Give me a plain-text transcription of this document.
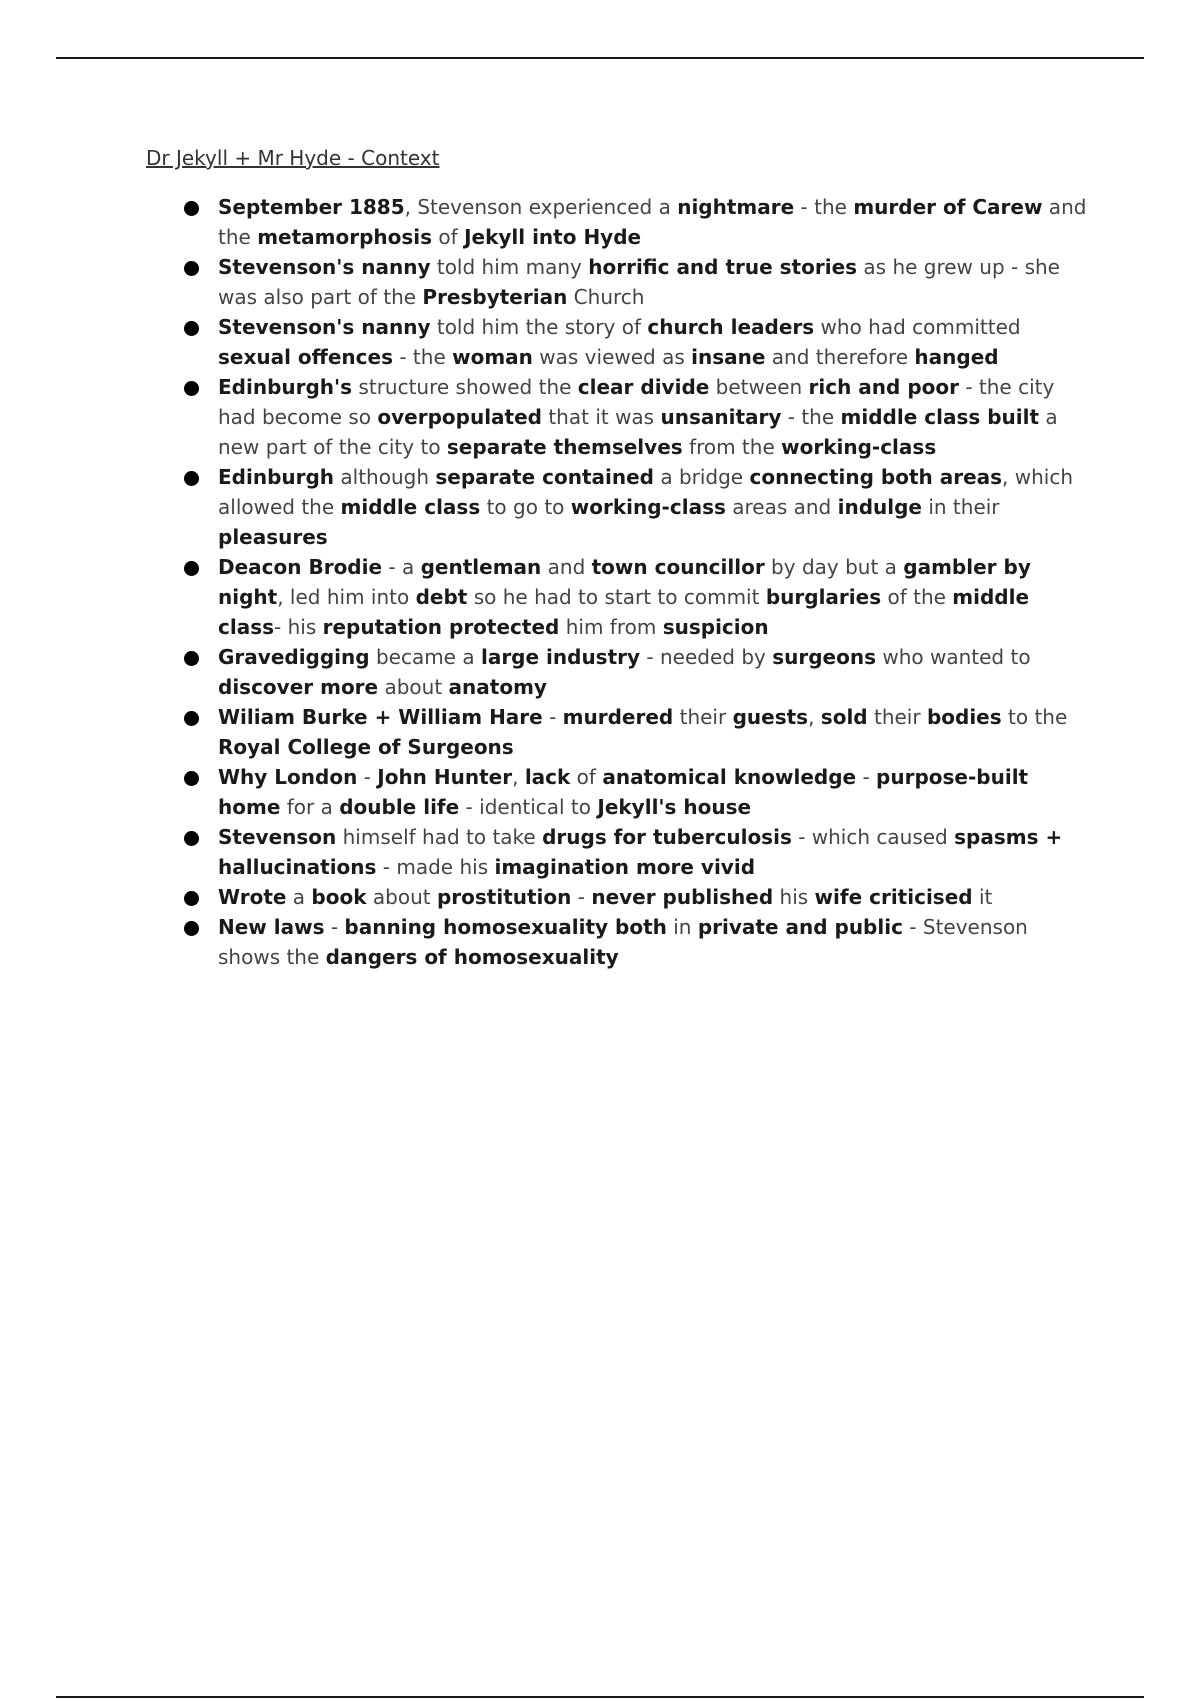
Dr Jekyll + Mr Hyde - Context
September 1885, Stevenson experienced a nightmare - the murder of Carew and the metamorphosis of Jekyll into Hyde
Stevenson's nanny told him many horrific and true stories as he grew up - she was also part of the Presbyterian Church
Stevenson's nanny told him the story of church leaders who had committed sexual offences - the woman was viewed as insane and therefore hanged
Edinburgh's structure showed the clear divide between rich and poor - the city had become so overpopulated that it was unsanitary - the middle class built a new part of the city to separate themselves from the working-class
Edinburgh although separate contained a bridge connecting both areas, which allowed the middle class to go to working-class areas and indulge in their pleasures
Deacon Brodie - a gentleman and town councillor by day but a gambler by night, led him into debt so he had to start to commit burglaries of the middle class- his reputation protected him from suspicion
Gravedigging became a large industry - needed by surgeons who wanted to discover more about anatomy
Wiliam Burke + William Hare - murdered their guests, sold their bodies to the Royal College of Surgeons
Why London - John Hunter, lack of anatomical knowledge - purpose-built home for a double life - identical to Jekyll's house
Stevenson himself had to take drugs for tuberculosis - which caused spasms + hallucinations - made his imagination more vivid
Wrote a book about prostitution - never published his wife criticised it
New laws - banning homosexuality both in private and public - Stevenson shows the dangers of homosexuality
